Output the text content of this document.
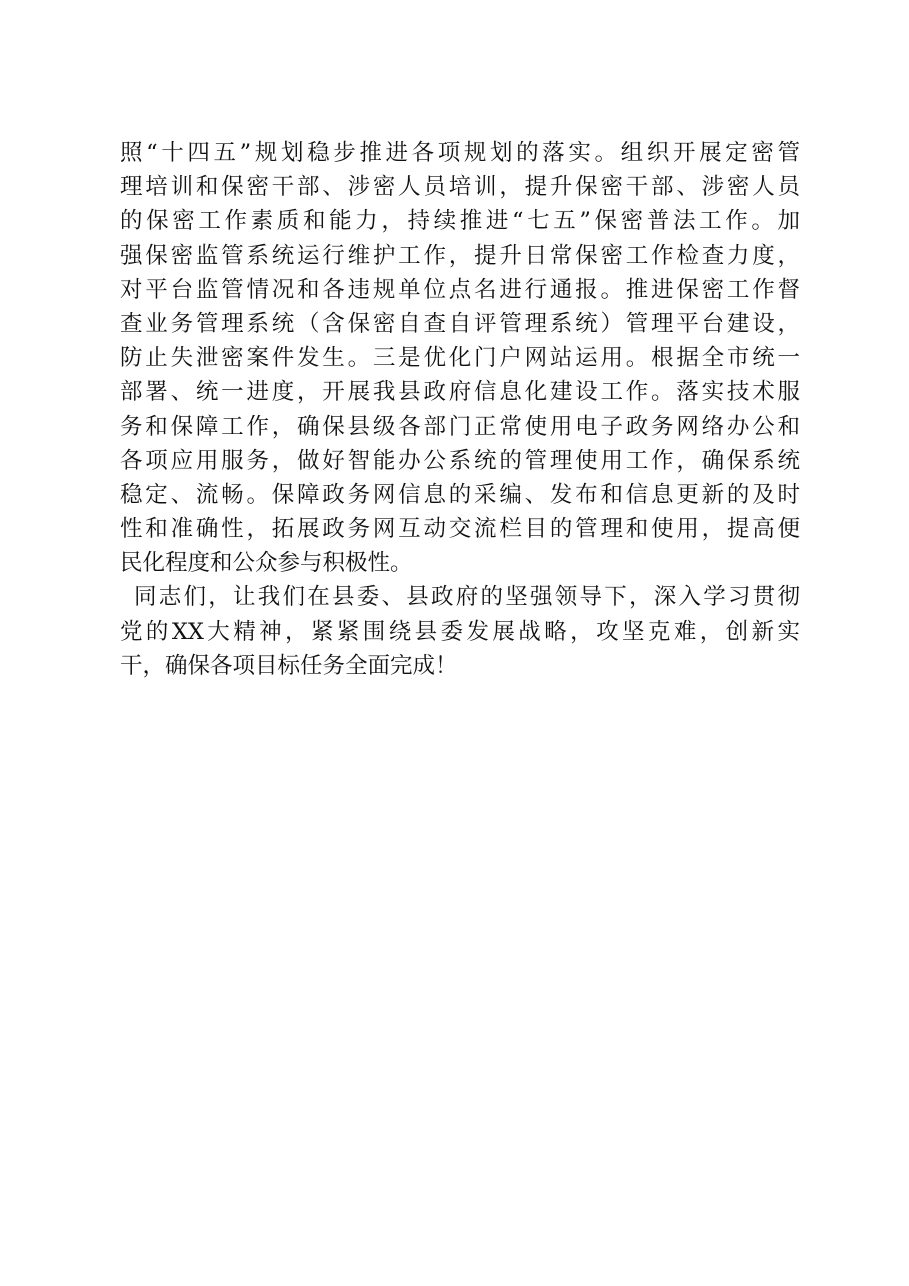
照“十四五”规划稳步推进各项规划的落实。组织开展定密管
理培训和保密干部、涉密人员培训，提升保密干部、涉密人员
的保密工作素质和能力，持续推进“七五”保密普法工作。加
强保密监管系统运行维护工作，提升日常保密工作检查力度，
对平台监管情况和各违规单位点名进行通报。推进保密工作督
查业务管理系统（含保密自查自评管理系统）管理平台建设，
防止失泄密案件发生。三是优化门户网站运用。根据全市统一
部署、统一进度，开展我县政府信息化建设工作。落实技术服
务和保障工作，确保县级各部门正常使用电子政务网络办公和
各项应用服务，做好智能办公系统的管理使用工作，确保系统
稳定、流畅。保障政务网信息的采编、发布和信息更新的及时
性和准确性，拓展政务网互动交流栏目的管理和使用，提高便
民化程度和公众参与积极性。
同志们，让我们在县委、县政府的坚强领导下，深入学习贯彻
党的XX大精神，紧紧围绕县委发展战略，攻坚克难，创新实
干，确保各项目标任务全面完成！
